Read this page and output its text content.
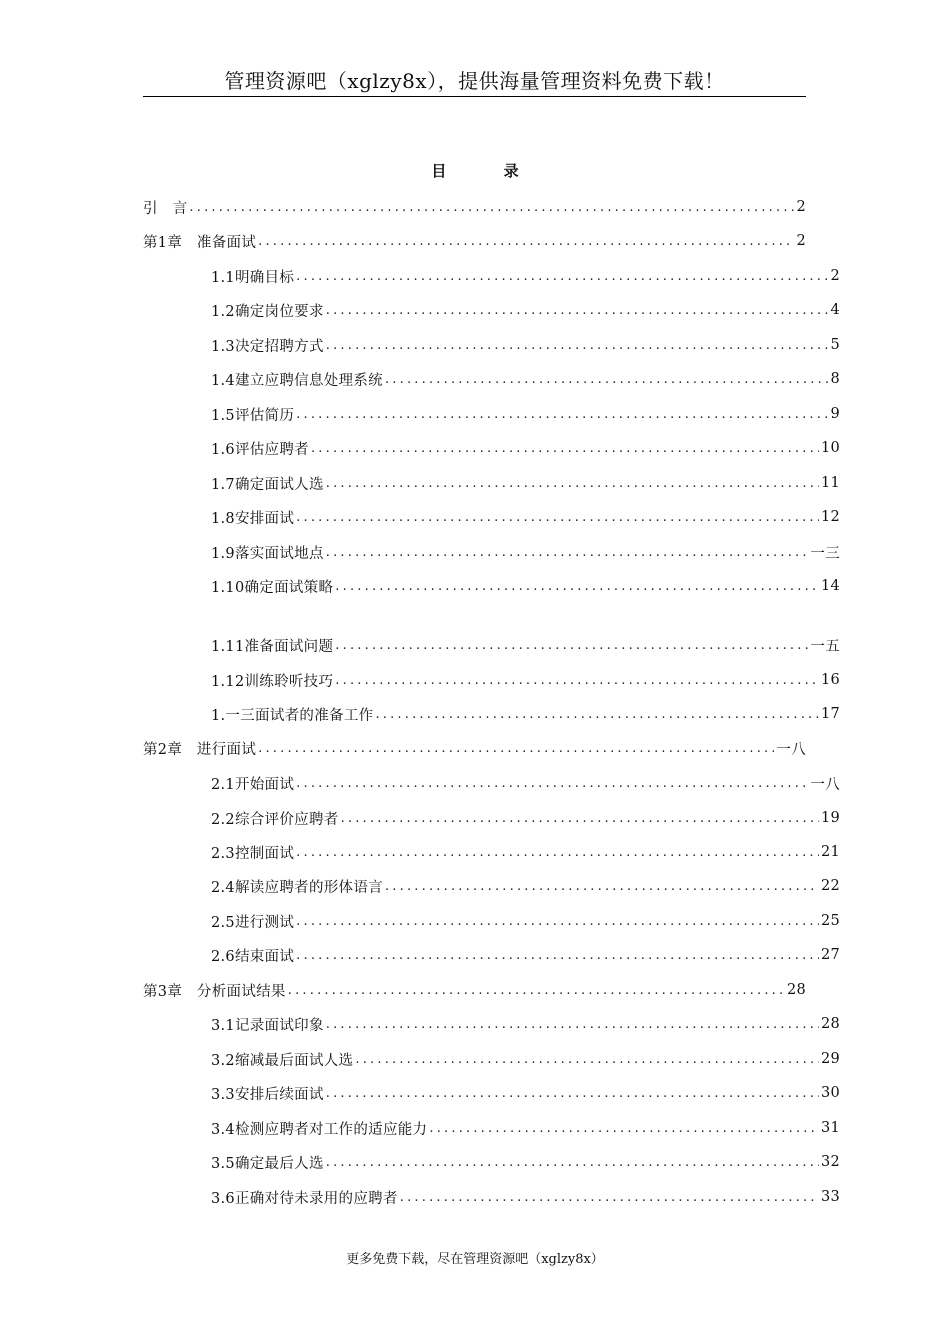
管理资源吧（xglzy8x），提供海量管理资料免费下载！
目 录
引　言 .....	2
第1章　准备面试 .....	2
1.1明确目标 .....	2
1.2确定岗位要求 .....	4
1.3决定招聘方式 .....	5
1.4建立应聘信息处理系统 .....	8
1.5评估简历 .....	9
1.6评估应聘者 .....	10
1.7确定面试人选 .....	11
1.8安排面试 .....	12
1.9落实面试地点 .....	一三
1.10确定面试策略 .....	14
1.11准备面试问题 .....	一五
1.12训练聆听技巧 .....	16
1.一三面试者的准备工作 .....	17
第2章　进行面试 .....	一八
2.1开始面试 .....	一八
2.2综合评价应聘者 .....	19
2.3控制面试 .....	21
2.4解读应聘者的形体语言 .....	22
2.5进行测试 .....	25
2.6结束面试 .....	27
第3章　分析面试结果 .....	28
3.1记录面试印象 .....	28
3.2缩减最后面试人选 .....	29
3.3安排后续面试 .....	30
3.4检测应聘者对工作的适应能力 .....	31
3.5确定最后人选 .....	32
3.6正确对待未录用的应聘者 .....	33
更多免费下载，尽在管理资源吧（xglzy8x）
